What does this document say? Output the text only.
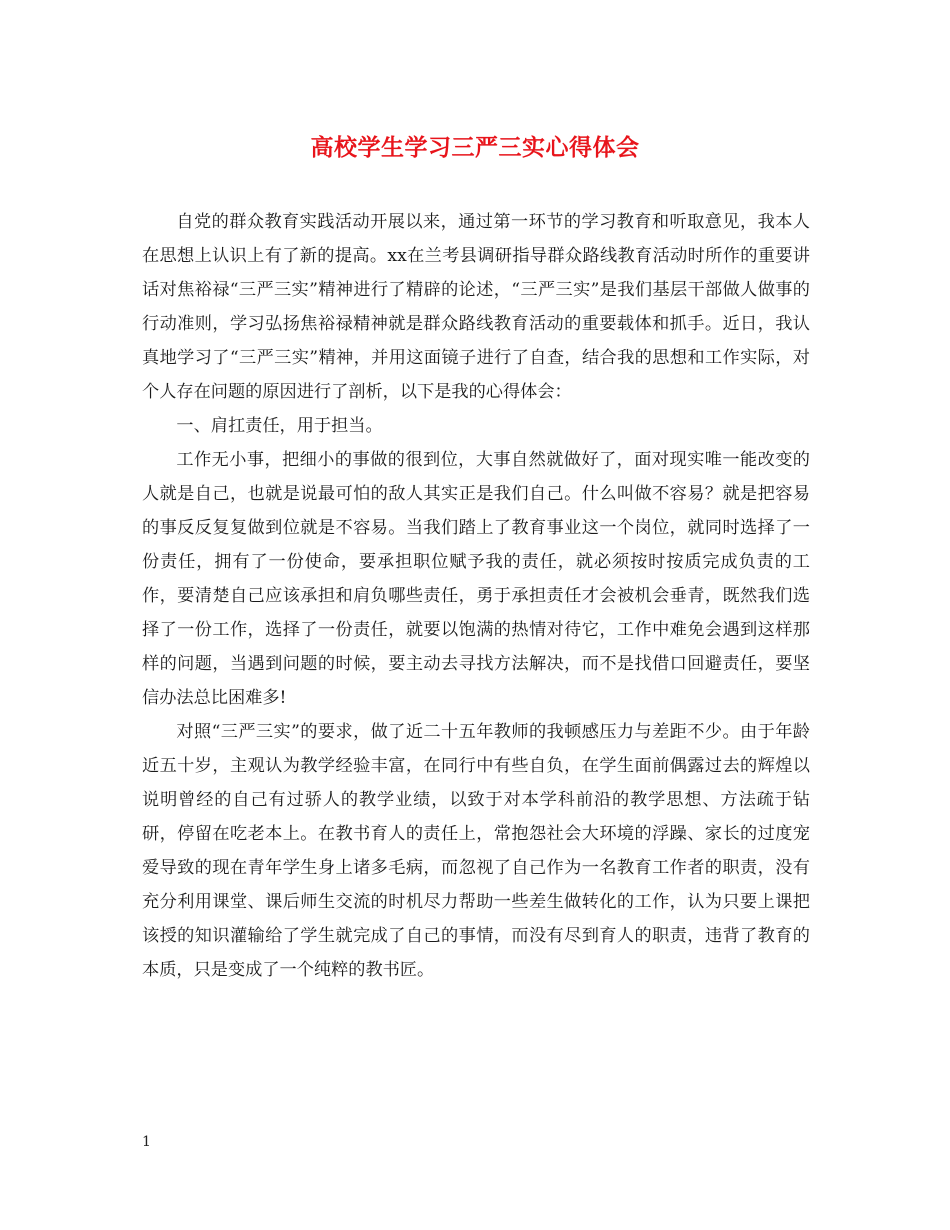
高校学生学习三严三实心得体会

自党的群众教育实践活动开展以来，通过第一环节的学习教育和听取意见，我本人在思想上认识上有了新的提高。xx在兰考县调研指导群众路线教育活动时所作的重要讲话对焦裕禄“三严三实”精神进行了精辟的论述，“三严三实”是我们基层干部做人做事的行动准则，学习弘扬焦裕禄精神就是群众路线教育活动的重要载体和抓手。近日，我认真地学习了“三严三实”精神，并用这面镜子进行了自查，结合我的思想和工作实际，对个人存在问题的原因进行了剖析，以下是我的心得体会：

一、肩扛责任，用于担当。

工作无小事，把细小的事做的很到位，大事自然就做好了，面对现实唯一能改变的人就是自己，也就是说最可怕的敌人其实正是我们自己。什么叫做不容易？就是把容易的事反反复复做到位就是不容易。当我们踏上了教育事业这一个岗位，就同时选择了一份责任，拥有了一份使命，要承担职位赋予我的责任，就必须按时按质完成负责的工作，要清楚自己应该承担和肩负哪些责任，勇于承担责任才会被机会垂青，既然我们选择了一份工作，选择了一份责任，就要以饱满的热情对待它，工作中难免会遇到这样那样的问题，当遇到问题的时候，要主动去寻找方法解决，而不是找借口回避责任，要坚信办法总比困难多!

对照“三严三实”的要求，做了近二十五年教师的我顿感压力与差距不少。由于年龄近五十岁，主观认为教学经验丰富，在同行中有些自负，在学生面前偶露过去的辉煌以说明曾经的自己有过骄人的教学业绩，以致于对本学科前沿的教学思想、方法疏于钻研，停留在吃老本上。在教书育人的责任上，常抱怨社会大环境的浮躁、家长的过度宠爱导致的现在青年学生身上诸多毛病，而忽视了自己作为一名教育工作者的职责，没有充分利用课堂、课后师生交流的时机尽力帮助一些差生做转化的工作，认为只要上课把该授的知识灌输给了学生就完成了自己的事情，而没有尽到育人的职责，违背了教育的本质，只是变成了一个纯粹的教书匠。

1
